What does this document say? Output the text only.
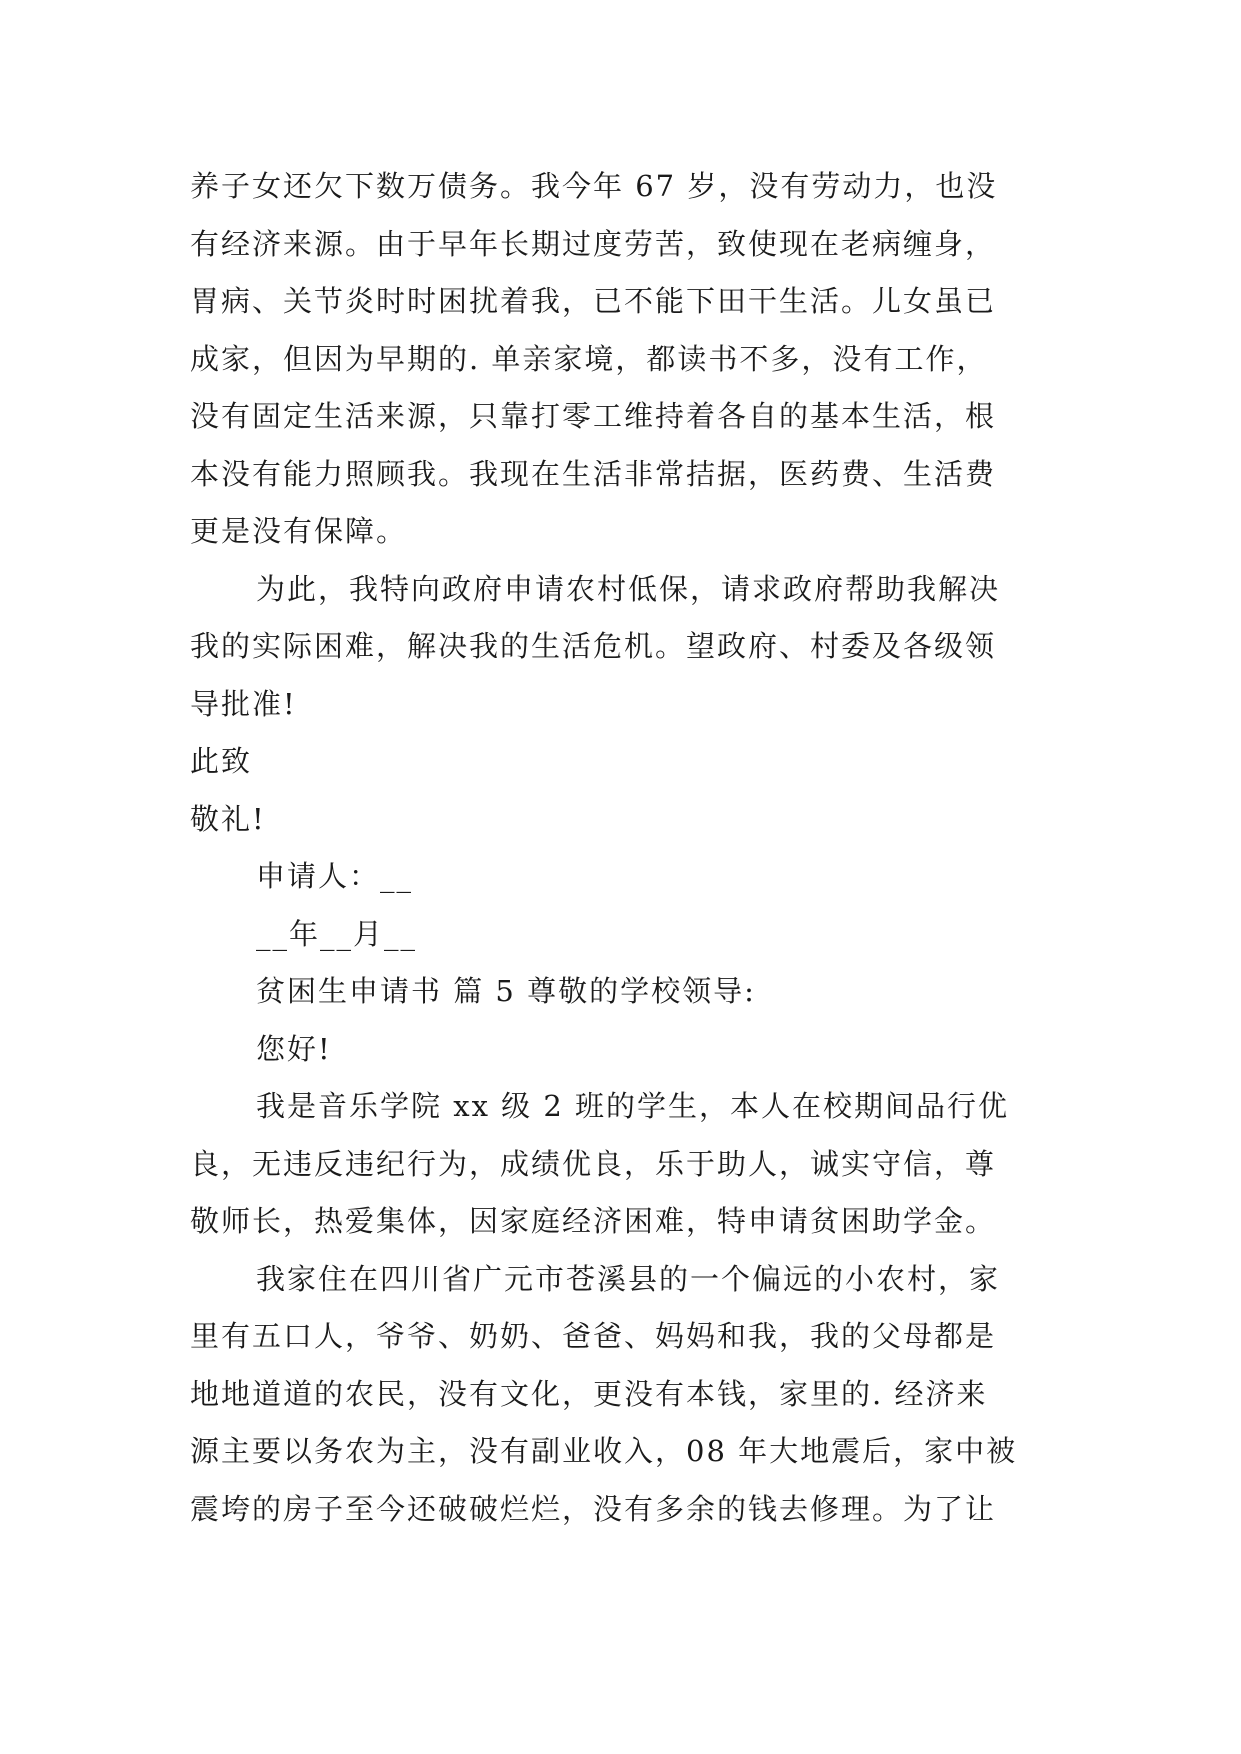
养子女还欠下数万债务。我今年 67 岁，没有劳动力，也没
有经济来源。由于早年长期过度劳苦，致使现在老病缠身，
胃病、关节炎时时困扰着我，已不能下田干生活。儿女虽已
成家，但因为早期的. 单亲家境，都读书不多，没有工作，
没有固定生活来源，只靠打零工维持着各自的基本生活，根
本没有能力照顾我。我现在生活非常拮据，医药费、生活费
更是没有保障。
为此，我特向政府申请农村低保，请求政府帮助我解决
我的实际困难，解决我的生活危机。望政府、村委及各级领
导批准!
此致
敬礼!
申请人：__
__年__月__
贫困生申请书 篇 5 尊敬的学校领导:
您好!
我是音乐学院 xx 级 2 班的学生，本人在校期间品行优
良，无违反违纪行为，成绩优良，乐于助人，诚实守信，尊
敬师长，热爱集体，因家庭经济困难，特申请贫困助学金。
我家住在四川省广元市苍溪县的一个偏远的小农村，家
里有五口人，爷爷、奶奶、爸爸、妈妈和我，我的父母都是
地地道道的农民，没有文化，更没有本钱，家里的. 经济来
源主要以务农为主，没有副业收入，08 年大地震后，家中被
震垮的房子至今还破破烂烂，没有多余的钱去修理。为了让
